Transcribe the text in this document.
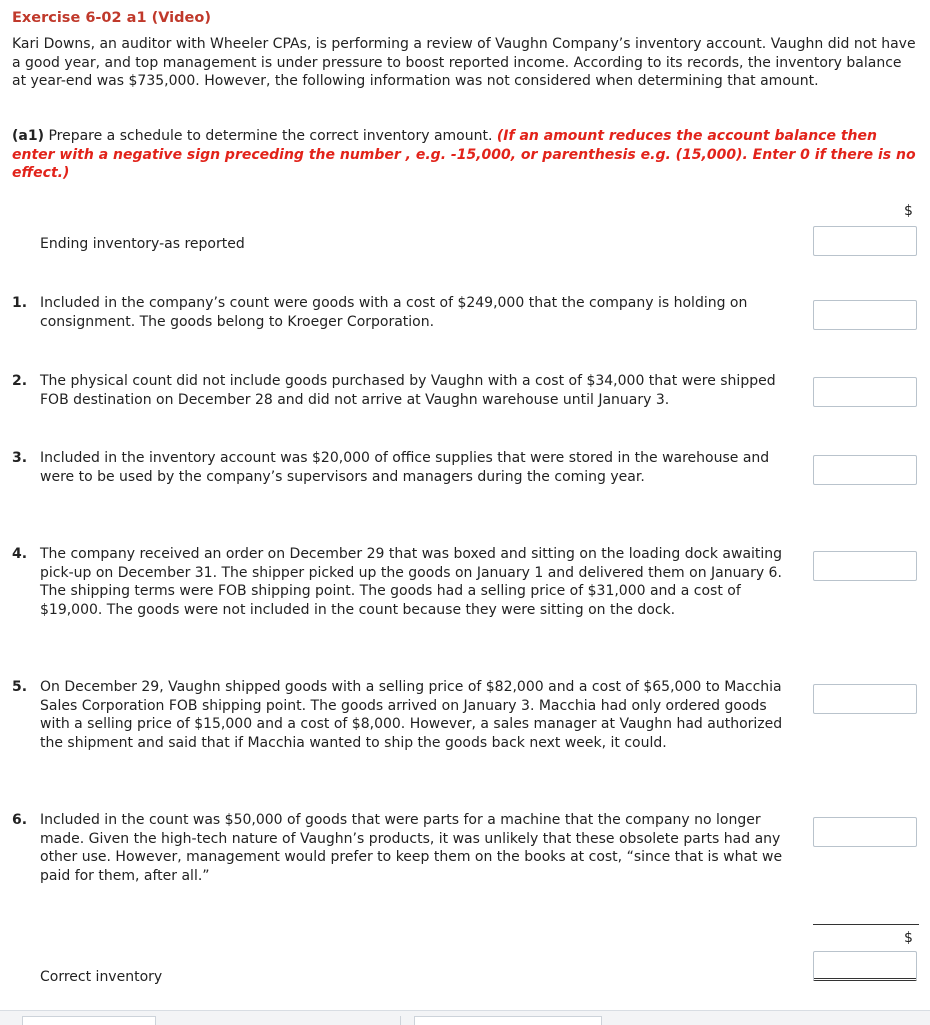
Exercise 6-02 a1 (Video)
Kari Downs, an auditor with Wheeler CPAs, is performing a review of Vaughn Company’s inventory account. Vaughn did not have a good year, and top management is under pressure to boost reported income. According to its records, the inventory balance at year-end was $735,000. However, the following information was not considered when determining that amount.
(a1) Prepare a schedule to determine the correct inventory amount. (If an amount reduces the account balance then enter with a negative sign preceding the number , e.g. -15,000, or parenthesis e.g. (15,000). Enter 0 if there is no effect.)
$
Ending inventory-as reported
1. Included in the company’s count were goods with a cost of $249,000 that the company is holding on consignment. The goods belong to Kroeger Corporation.
2. The physical count did not include goods purchased by Vaughn with a cost of $34,000 that were shipped FOB destination on December 28 and did not arrive at Vaughn warehouse until January 3.
3. Included in the inventory account was $20,000 of office supplies that were stored in the warehouse and were to be used by the company’s supervisors and managers during the coming year.
4. The company received an order on December 29 that was boxed and sitting on the loading dock awaiting pick-up on December 31. The shipper picked up the goods on January 1 and delivered them on January 6. The shipping terms were FOB shipping point. The goods had a selling price of $31,000 and a cost of $19,000. The goods were not included in the count because they were sitting on the dock.
5. On December 29, Vaughn shipped goods with a selling price of $82,000 and a cost of $65,000 to Macchia Sales Corporation FOB shipping point. The goods arrived on January 3. Macchia had only ordered goods with a selling price of $15,000 and a cost of $8,000. However, a sales manager at Vaughn had authorized the shipment and said that if Macchia wanted to ship the goods back next week, it could.
6. Included in the count was $50,000 of goods that were parts for a machine that the company no longer made. Given the high-tech nature of Vaughn’s products, it was unlikely that these obsolete parts had any other use. However, management would prefer to keep them on the books at cost, “since that is what we paid for them, after all.”
$
Correct inventory
